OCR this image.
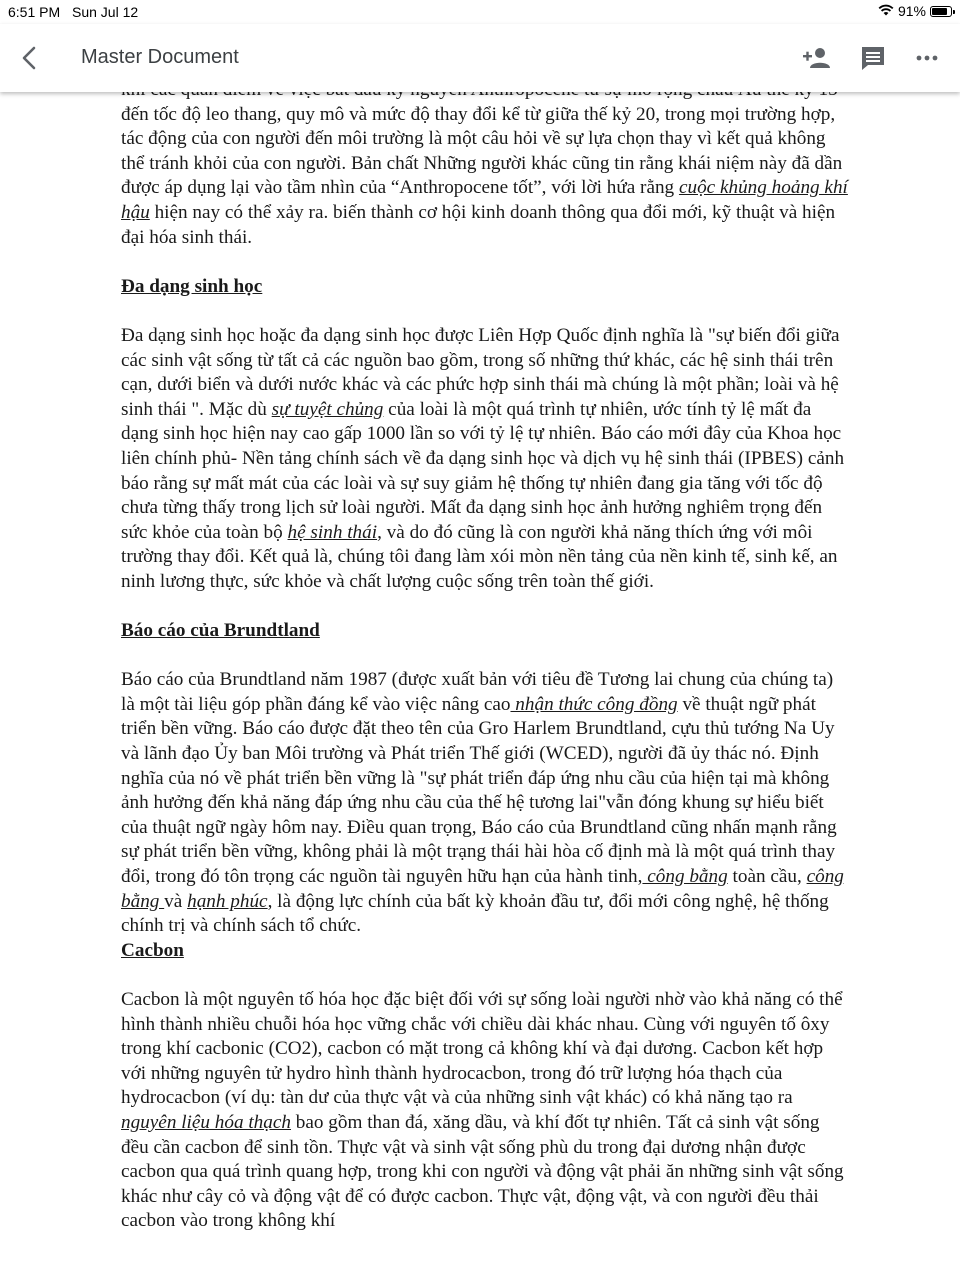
6:51 PM Sun Jul 12	91%
Master Document

đến tốc độ leo thang, quy mô và mức độ thay đổi kể từ giữa thế kỷ 20, trong mọi trường hợp, tác động của con người đến môi trường là một câu hỏi về sự lựa chọn thay vì kết quả không thể tránh khỏi của con người. Bản chất Những người khác cũng tin rằng khái niệm này đã dần được áp dụng lại vào tầm nhìn của “Anthropocene tốt”, với lời hứa rằng cuộc khủng hoảng khí hậu hiện nay có thể xảy ra. biến thành cơ hội kinh doanh thông qua đổi mới, kỹ thuật và hiện đại hóa sinh thái.

Đa dạng sinh học

Đa dạng sinh học hoặc đa dạng sinh học được Liên Hợp Quốc định nghĩa là "sự biến đổi giữa các sinh vật sống từ tất cả các nguồn bao gồm, trong số những thứ khác, các hệ sinh thái trên cạn, dưới biển và dưới nước khác và các phức hợp sinh thái mà chúng là một phần; loài và hệ sinh thái ". Mặc dù sự tuyệt chủng của loài là một quá trình tự nhiên, ước tính tỷ lệ mất đa dạng sinh học hiện nay cao gấp 1000 lần so với tỷ lệ tự nhiên. Báo cáo mới đây của Khoa học liên chính phủ- Nền tảng chính sách về đa dạng sinh học và dịch vụ hệ sinh thái (IPBES) cảnh báo rằng sự mất mát của các loài và sự suy giảm hệ thống tự nhiên đang gia tăng với tốc độ chưa từng thấy trong lịch sử loài người. Mất đa dạng sinh học ảnh hưởng nghiêm trọng đến sức khỏe của toàn bộ hệ sinh thái, và do đó cũng là con người khả năng thích ứng với môi trường thay đổi. Kết quả là, chúng tôi đang làm xói mòn nền tảng của nền kinh tế, sinh kế, an ninh lương thực, sức khỏe và chất lượng cuộc sống trên toàn thế giới.

Báo cáo của Brundtland

Báo cáo của Brundtland năm 1987 (được xuất bản với tiêu đề Tương lai chung của chúng ta) là một tài liệu góp phần đáng kể vào việc nâng cao nhận thức công đồng về thuật ngữ phát triển bền vững. Báo cáo được đặt theo tên của Gro Harlem Brundtland, cựu thủ tướng Na Uy và lãnh đạo Ủy ban Môi trường và Phát triển Thế giới (WCED), người đã ủy thác nó. Định nghĩa của nó về phát triển bền vững là "sự phát triển đáp ứng nhu cầu của hiện tại mà không ảnh hưởng đến khả năng đáp ứng nhu cầu của thế hệ tương lai"vẫn đóng khung sự hiểu biết của thuật ngữ ngày hôm nay. Điều quan trọng, Báo cáo của Brundtland cũng nhấn mạnh rằng sự phát triển bền vững, không phải là một trạng thái hài hòa cố định mà là một quá trình thay đổi, trong đó tôn trọng các nguồn tài nguyên hữu hạn của hành tinh, công bằng toàn cầu, công bằng và hạnh phúc, là động lực chính của bất kỳ khoản đầu tư, đổi mới công nghệ, hệ thống chính trị và chính sách tổ chức.

Cacbon

Cacbon là một nguyên tố hóa học đặc biệt đối với sự sống loài người nhờ vào khả năng có thể hình thành nhiều chuỗi hóa học vững chắc với chiều dài khác nhau. Cùng với nguyên tố ôxy trong khí cacbonic (CO2), cacbon có mặt trong cả không khí và đại dương. Cacbon kết hợp với những nguyên tử hydro hình thành hydrocacbon, trong đó trữ lượng hóa thạch của hydrocacbon (ví dụ: tàn dư của thực vật và của những sinh vật khác) có khả năng tạo ra nguyên liệu hóa thạch bao gồm than đá, xăng dầu, và khí đốt tự nhiên. Tất cả sinh vật sống đều cần cacbon để sinh tồn. Thực vật và sinh vật sống phù du trong đại dương nhận được cacbon qua quá trình quang hợp, trong khi con người và động vật phải ăn những sinh vật sống khác như cây cỏ và động vật để có được cacbon. Thực vật, động vật, và con người đều thải cacbon vào trong không khí
